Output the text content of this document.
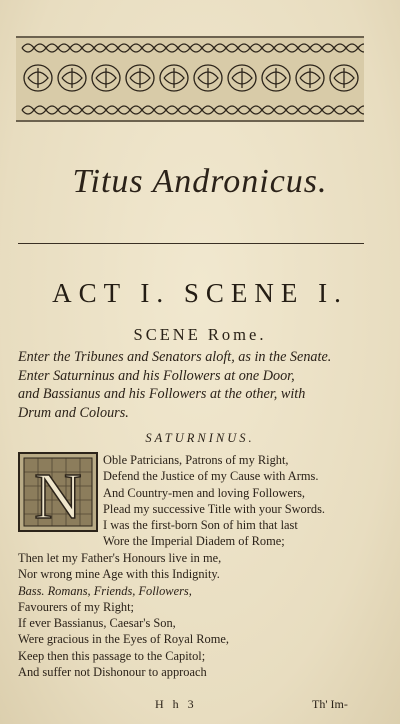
Titus Andronicus.
ACT I. SCENE I.
SCENE Rome.
Enter the Tribunes and Senators aloft, as in the Senate.
Enter Saturninus and his Followers at one Door,
and Bassianus and his Followers at the other, with
Drum and Colours.
SATURNINUS.
N Oble Patricians, Patrons of my Right,
Defend the Justice of my Cause with Arms.
And Country-men and loving Followers,
Plead my successive Title with your Swords.
I was the first-born Son of him that last
Wore the Imperial Diadem of Rome;
Then let my Father's Honours live in me,
Nor wrong mine Age with this Indignity.
Bass. Romans, Friends, Followers,
Favourers of my Right;
If ever Bassianus, Caesar's Son,
Were gracious in the Eyes of Royal Rome,
Keep then this passage to the Capitol;
And suffer not Dishonour to approach
H h 3	Th' Im-
